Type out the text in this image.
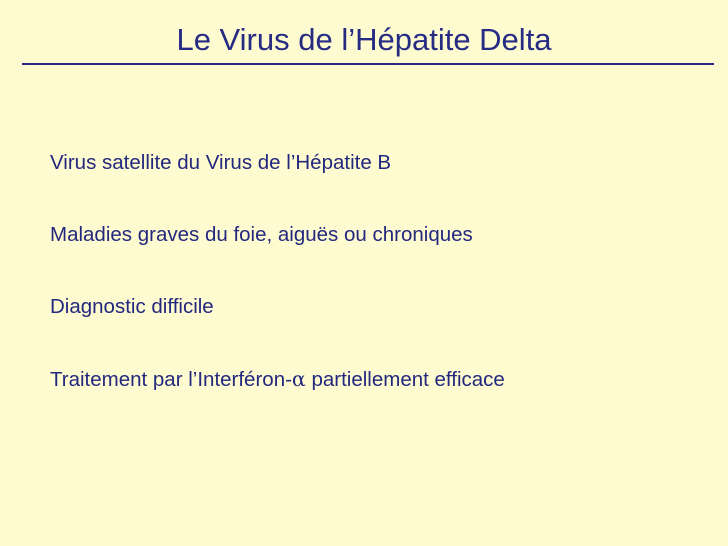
Le Virus de l’Hépatite Delta
Virus satellite du Virus de l’Hépatite B
Maladies graves du foie, aiguës ou chroniques
Diagnostic difficile
Traitement par l’Interféron-α partiellement efficace
